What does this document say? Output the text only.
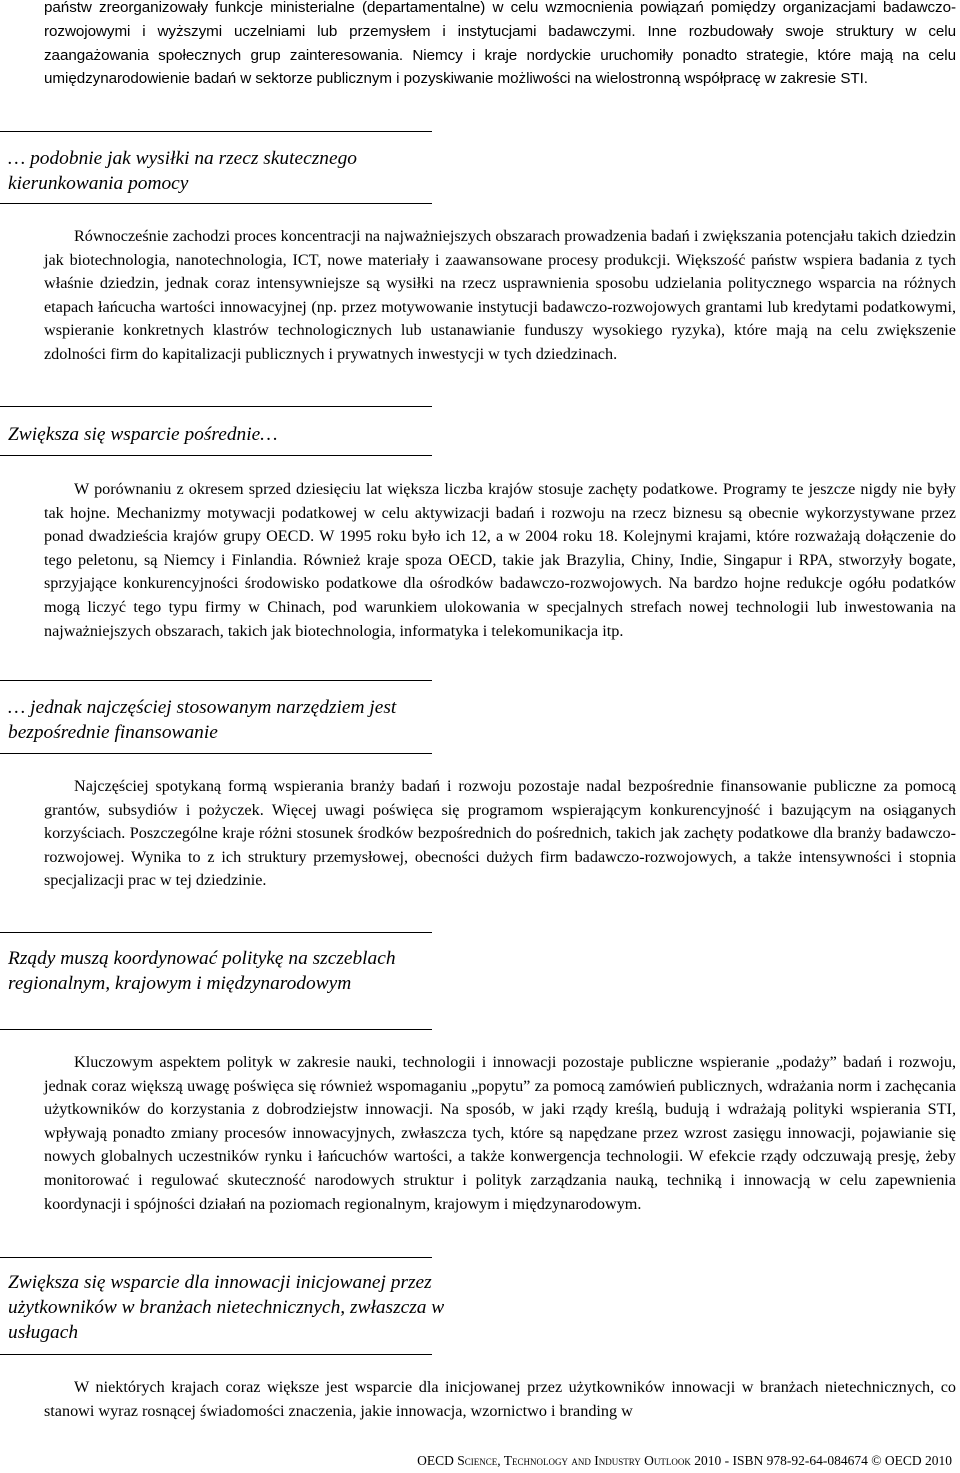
państw zreorganizowały funkcje ministerialne (departamentalne) w celu wzmocnienia powiązań pomiędzy organizacjami badawczo-rozwojowymi i wyższymi uczelniami lub przemysłem i instytucjami badawczymi. Inne rozbudowały swoje struktury w celu zaangażowania społecznych grup zainteresowania. Niemcy i kraje nordyckie uruchomiły ponadto strategie, które mają na celu umiędzynarodowienie badań w sektorze publicznym i pozyskiwanie możliwości na wielostronną współpracę w zakresie STI.

… podobnie jak wysiłki na rzecz skutecznego kierunkowania pomocy

Równocześnie zachodzi proces koncentracji na najważniejszych obszarach prowadzenia badań i zwiększania potencjału takich dziedzin jak biotechnologia, nanotechnologia, ICT, nowe materiały i zaawansowane procesy produkcji. Większość państw wspiera badania z tych właśnie dziedzin, jednak coraz intensywniejsze są wysiłki na rzecz usprawnienia sposobu udzielania politycznego wsparcia na różnych etapach łańcucha wartości innowacyjnej (np. przez motywowanie instytucji badawczo-rozwojowych grantami lub kredytami podatkowymi, wspieranie konkretnych klastrów technologicznych lub ustanawianie funduszy wysokiego ryzyka), które mają na celu zwiększenie zdolności firm do kapitalizacji publicznych i prywatnych inwestycji w tych dziedzinach.

Zwiększa się wsparcie pośrednie…

W porównaniu z okresem sprzed dziesięciu lat większa liczba krajów stosuje zachęty podatkowe. Programy te jeszcze nigdy nie były tak hojne. Mechanizmy motywacji podatkowej w celu aktywizacji badań i rozwoju na rzecz biznesu są obecnie wykorzystywane przez ponad dwadzieścia krajów grupy OECD. W 1995 roku było ich 12, a w 2004 roku 18. Kolejnymi krajami, które rozważają dołączenie do tego peletonu, są Niemcy i Finlandia. Również kraje spoza OECD, takie jak Brazylia, Chiny, Indie, Singapur i RPA, stworzyły bogate, sprzyjające konkurencyjności środowisko podatkowe dla ośrodków badawczo-rozwojowych. Na bardzo hojne redukcje ogółu podatków mogą liczyć tego typu firmy w Chinach, pod warunkiem ulokowania w specjalnych strefach nowej technologii lub inwestowania na najważniejszych obszarach, takich jak biotechnologia, informatyka i telekomunikacja itp.

… jednak najczęściej stosowanym narzędziem jest bezpośrednie finansowanie

Najczęściej spotykaną formą wspierania branży badań i rozwoju pozostaje nadal bezpośrednie finansowanie publiczne za pomocą grantów, subsydiów i pożyczek. Więcej uwagi poświęca się programom wspierającym konkurencyjność i bazującym na osiąganych korzyściach. Poszczególne kraje różni stosunek środków bezpośrednich do pośrednich, takich jak zachęty podatkowe dla branży badawczo-rozwojowej. Wynika to z ich struktury przemysłowej, obecności dużych firm badawczo-rozwojowych, a także intensywności i stopnia specjalizacji prac w tej dziedzinie.

Rządy muszą koordynować politykę na szczeblach regionalnym, krajowym i międzynarodowym

Kluczowym aspektem polityk w zakresie nauki, technologii i innowacji pozostaje publiczne wspieranie „podaży” badań i rozwoju, jednak coraz większą uwagę poświęca się również wspomaganiu „popytu” za pomocą zamówień publicznych, wdrażania norm i zachęcania użytkowników do korzystania z dobrodziejstw innowacji. Na sposób, w jaki rządy kreślą, budują i wdrażają polityki wspierania STI, wpływają ponadto zmiany procesów innowacyjnych, zwłaszcza tych, które są napędzane przez wzrost zasięgu innowacji, pojawianie się nowych globalnych uczestników rynku i łańcuchów wartości, a także konwergencja technologii. W efekcie rządy odczuwają presję, żeby monitorować i regulować skuteczność narodowych struktur i polityk zarządzania nauką, techniką i innowacją w celu zapewnienia koordynacji i spójności działań na poziomach regionalnym, krajowym i międzynarodowym.

Zwiększa się wsparcie dla innowacji inicjowanej przez użytkowników w branżach nietechnicznych, zwłaszcza w usługach

W niektórych krajach coraz większe jest wsparcie dla inicjowanej przez użytkowników innowacji w branżach nietechnicznych, co stanowi wyraz rosnącej świadomości znaczenia, jakie innowacja, wzornictwo i branding w

OECD Science, Technology and Industry Outlook 2010 - ISBN 978-92-64-084674 © OECD 2010
